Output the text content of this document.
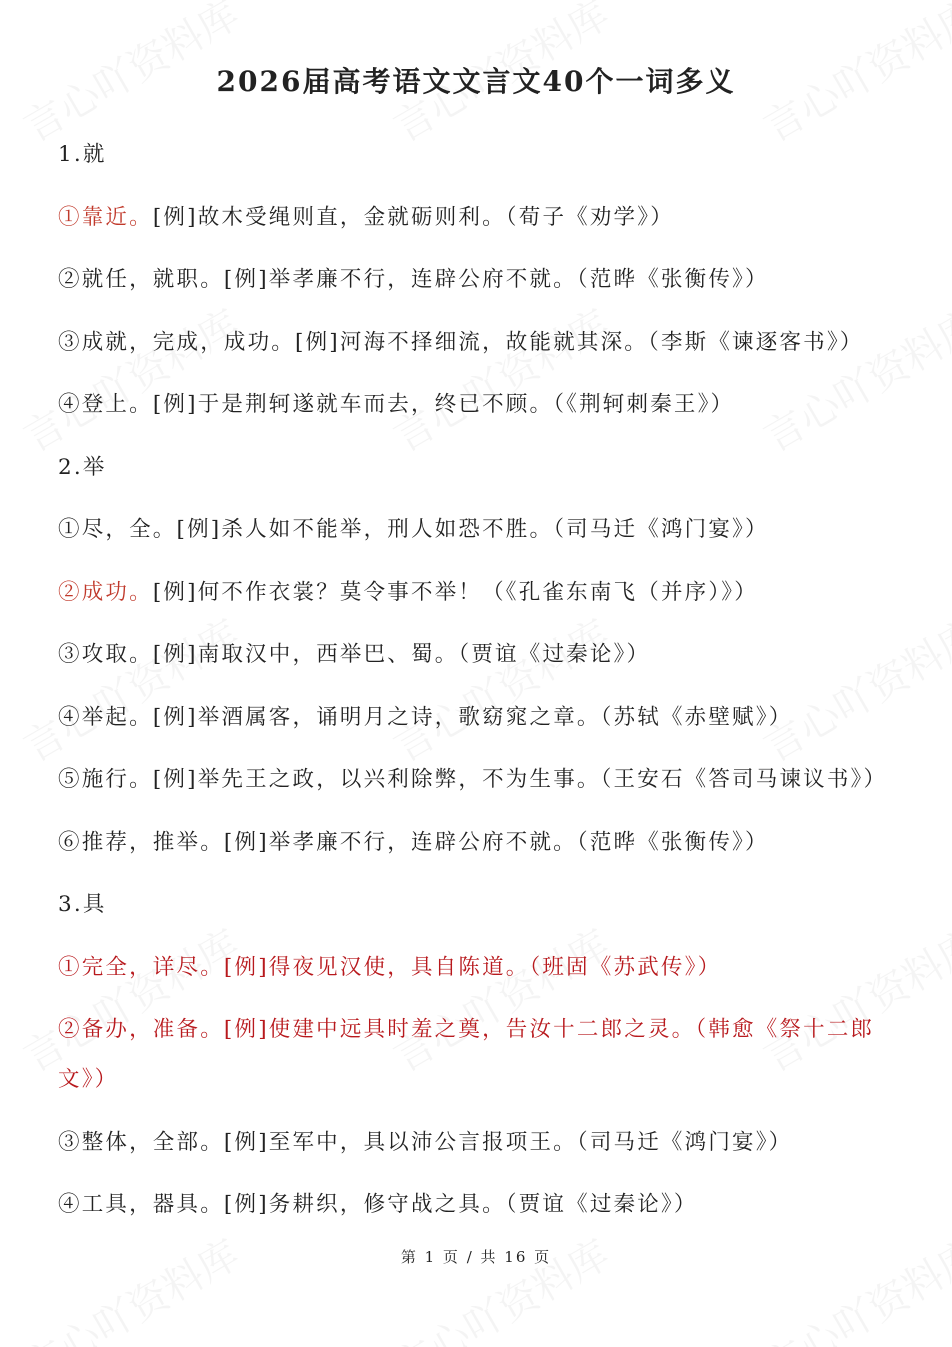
2026届高考语文文言文40个一词多义
1.就
①靠近。[例]故木受绳则直，金就砺则利。（荀子《劝学》）
②就任，就职。[例]举孝廉不行，连辟公府不就。（范晔《张衡传》）
③成就，完成，成功。[例]河海不择细流，故能就其深。（李斯《谏逐客书》）
④登上。[例]于是荆轲遂就车而去，终已不顾。（《荆轲刺秦王》）
2.举
①尽，全。[例]杀人如不能举，刑人如恐不胜。（司马迁《鸿门宴》）
②成功。[例]何不作衣裳？莫令事不举！（《孔雀东南飞（并序）》）
③攻取。[例]南取汉中，西举巴、蜀。（贾谊《过秦论》）
④举起。[例]举酒属客，诵明月之诗，歌窈窕之章。（苏轼《赤壁赋》）
⑤施行。[例]举先王之政，以兴利除弊，不为生事。（王安石《答司马谏议书》）
⑥推荐，推举。[例]举孝廉不行，连辟公府不就。（范晔《张衡传》）
3.具
①完全，详尽。[例]得夜见汉使，具自陈道。（班固《苏武传》）
②备办，准备。[例]使建中远具时羞之奠，告汝十二郎之灵。（韩愈《祭十二郎文》）
③整体，全部。[例]至军中，具以沛公言报项王。（司马迁《鸿门宴》）
④工具，器具。[例]务耕织，修守战之具。（贾谊《过秦论》）
第 1 页 / 共 16 页
